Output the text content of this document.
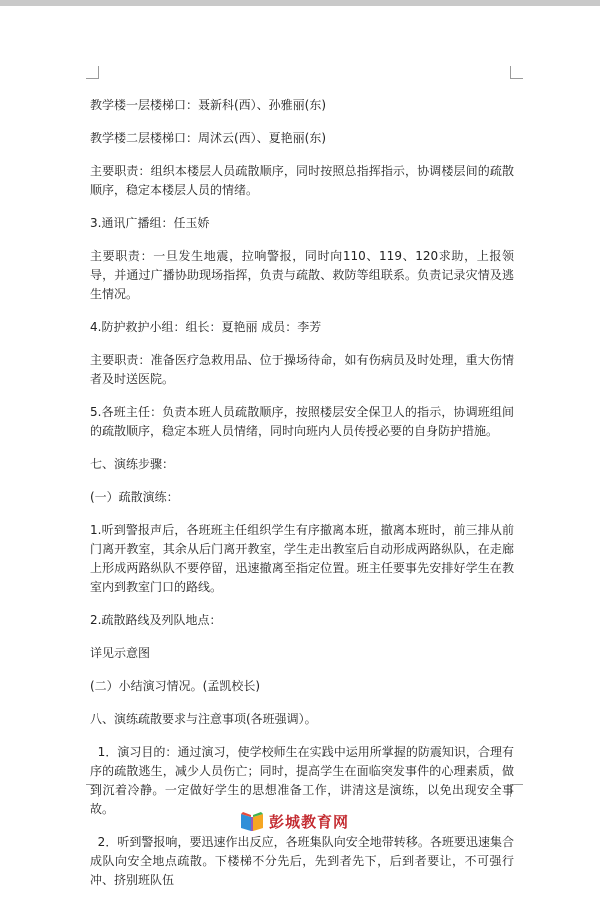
教学楼一层楼梯口：聂新科(西）、孙雅丽(东)

教学楼二层楼梯口：周沭云(西）、夏艳丽(东)

主要职责：组织本楼层人员疏散顺序，同时按照总指挥指示，协调楼层间的疏散顺序，稳定本楼层人员的情绪。

3.通讯广播组：任玉娇

主要职责：一旦发生地震，拉响警报，同时向110、119、120求助，上报领导，并通过广播协助现场指挥，负责与疏散、救防等组联系。负责记录灾情及逃生情况。

4.防护救护小组：组长：夏艳丽 成员：李芳

主要职责：准备医疗急救用品、位于操场待命，如有伤病员及时处理，重大伤情者及时送医院。

5.各班主任：负责本班人员疏散顺序，按照楼层安全保卫人的指示，协调班组间的疏散顺序，稳定本班人员情绪，同时向班内人员传授必要的自身防护措施。

七、演练步骤：

(一）疏散演练：

1.听到警报声后，各班班主任组织学生有序撤离本班，撤离本班时，前三排从前门离开教室，其余从后门离开教室，学生走出教室后自动形成两路纵队，在走廊上形成两路纵队不要停留，迅速撤离至指定位置。班主任要事先安排好学生在教室内到教室门口的路线。

2.疏散路线及列队地点：

详见示意图

(二）小结演习情况。(孟凯校长)

八、演练疏散要求与注意事项(各班强调）。

1．演习目的：通过演习，使学校师生在实践中运用所掌握的防震知识，合理有序的疏散逃生，减少人员伤亡；同时，提高学生在面临突发事件的心理素质，做到沉着冷静。一定做好学生的思想准备工作，讲清这是演练，以免出现安全事故。

2．听到警报响，要迅速作出反应，各班集队向安全地带转移。各班要迅速集合成队向安全地点疏散。下楼梯不分先后，先到者先下，后到者要让，不可强行冲、挤别班队伍

彭城教育网
